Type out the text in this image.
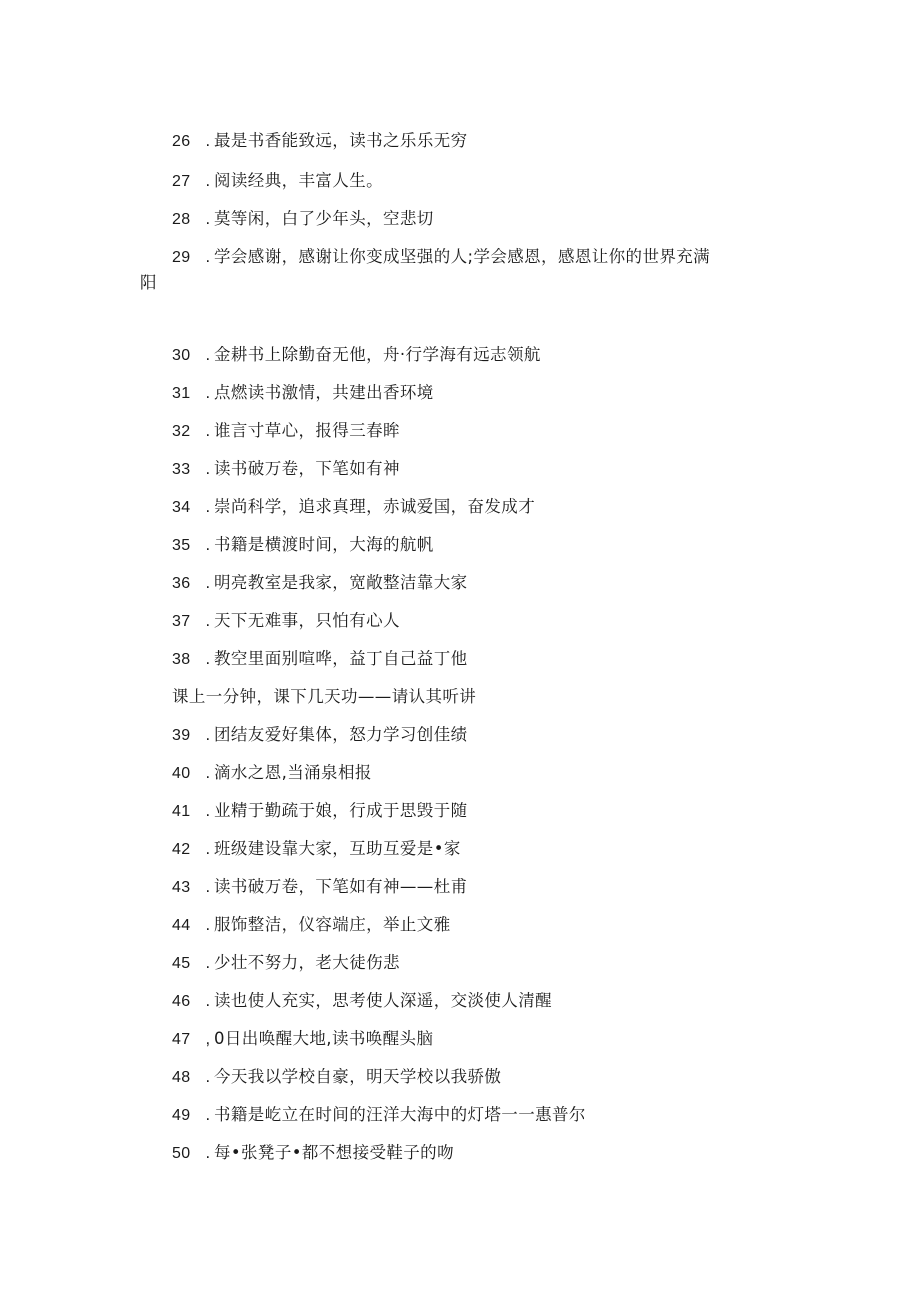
26 . 最是书香能致远，读书之乐乐无穷
27 . 阅读经典，丰富人生。
28 . 莫等闲，白了少年头，空悲切
29 . 学会感谢，感谢让你变成坚强的人;学会感恩，感恩让你的世界充满
阳
30 . 金耕书上除勤奋无他，舟·行学海有远志领航
31 . 点燃读书激情，共建出香环境
32 . 谁言寸草心，报得三春眸
33 . 读书破万卷，下笔如有神
34 . 崇尚科学，追求真理，赤诚爱国，奋发成才
35 . 书籍是横渡时间，大海的航帆
36 . 明亮教室是我家，宽敞整洁靠大家
37 . 天下无难事，只怕有心人
38 . 教空里面别喧哗，益丁自己益丁他
课上一分钟，课下几天功——请认其听讲
39 . 团结友爱好集体，怒力学习创佳绩
40 . 滴水之恩,当涌泉相报
41 . 业精于勤疏于娘，行成于思毁于随
42 . 班级建设靠大家，互助互爱是•家
43 . 读书破万卷，下笔如有神——杜甫
44 . 服饰整洁，仪容端庄，举止文雅
45 . 少壮不努力，老大徒伤悲
46 . 读也使人充实，思考使人深遥，交淡使人清醒
47 , 0日出唤醒大地,读书唤醒头脑
48 . 今天我以学校自豪，明天学校以我骄傲
49 . 书籍是屹立在时间的汪洋大海中的灯塔一一惠普尔
50 . 每•张凳子•都不想接受鞋子的吻
